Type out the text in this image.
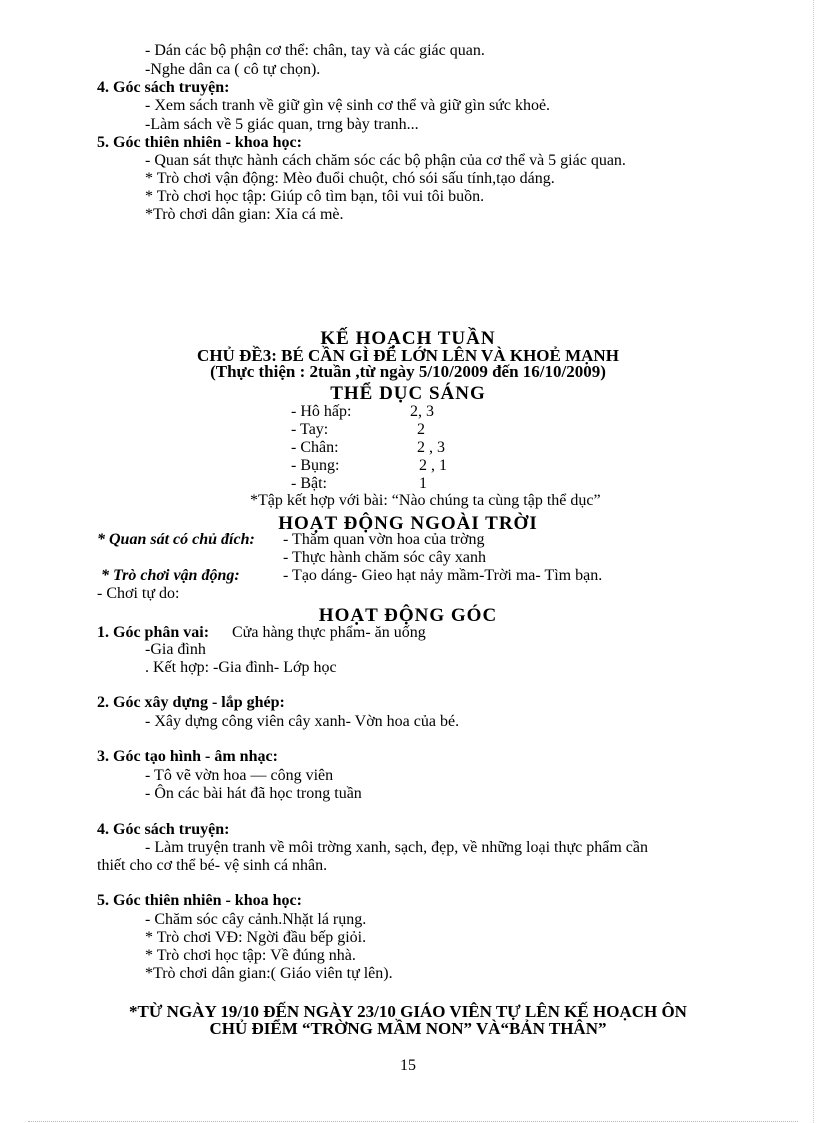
- Dán các bộ phận cơ thể: chân, tay và các giác quan.
-Nghe dân ca ( cô tự chọn).
4. Góc sách truyện:
- Xem sách tranh về giữ gìn vệ sinh cơ thể và giữ gìn sức khoẻ.
-Làm sách về 5 giác quan, trng bày tranh...
5. Góc thiên nhiên - khoa học:
- Quan sát thực hành cách chăm sóc các bộ phận của cơ thể và 5 giác quan.
* Trò chơi vận động: Mèo đuổi chuột, chó sói sấu tính,tạo dáng.
* Trò chơi học tập: Giúp cô tìm bạn, tôi vui tôi buồn.
*Trò chơi dân gian: Xỉa cá mè.
KẾ HOẠCH TUẦN
CHỦ ĐỀ3: BÉ CẦN GÌ ĐỂ LỚN LÊN VÀ KHOẺ MẠNH
(Thực thiện : 2tuần ,từ ngày 5/10/2009 đến 16/10/2009)
THỂ DỤC SÁNG
- Hô hấp:	2, 3
- Tay:	2
- Chân:	2 , 3
- Bụng:	2 , 1
- Bật:	1
*Tập kết hợp với bài: “Nào chúng ta cùng tập thể dục”
HOẠT ĐỘNG NGOÀI TRỜI
* Quan sát có chủ đích: - Thăm quan vờn hoa của trờng
- Thực hành chăm sóc cây xanh
* Trò chơi vận động:	- Tạo dáng- Gieo hạt nảy mầm-Trời ma- Tìm bạn.
- Chơi tự do:
HOẠT ĐỘNG GÓC
1. Góc phân vai: Cửa hàng thực phẩm- ăn uống
-Gia đình
. Kết hợp: -Gia đình- Lớp học
2. Góc xây dựng - lắp ghép:
- Xây dựng công viên cây xanh- Vờn hoa của bé.
3. Góc tạo hình - âm nhạc:
- Tô vẽ vờn hoa — công viên
- Ôn các bài hát đã học trong tuần
4. Góc sách truyện:
- Làm truyện tranh về môi trờng xanh, sạch, đẹp, về những loại thực phẩm cần
thiết cho cơ thể bé- vệ sinh cá nhân.
5. Góc thiên nhiên - khoa học:
- Chăm sóc cây cảnh.Nhặt lá rụng.
* Trò chơi VĐ: Ngời đầu bếp giỏi.
* Trò chơi học tập: Về đúng nhà.
*Trò chơi dân gian:( Giáo viên tự lên).
*TỪ NGÀY 19/10 ĐẾN NGÀY 23/10 GIÁO VIÊN TỰ LÊN KẾ HOẠCH ÔN
CHỦ ĐIỂM “TRỜNG MẦM NON” VÀ“BẢN THÂN”
15
